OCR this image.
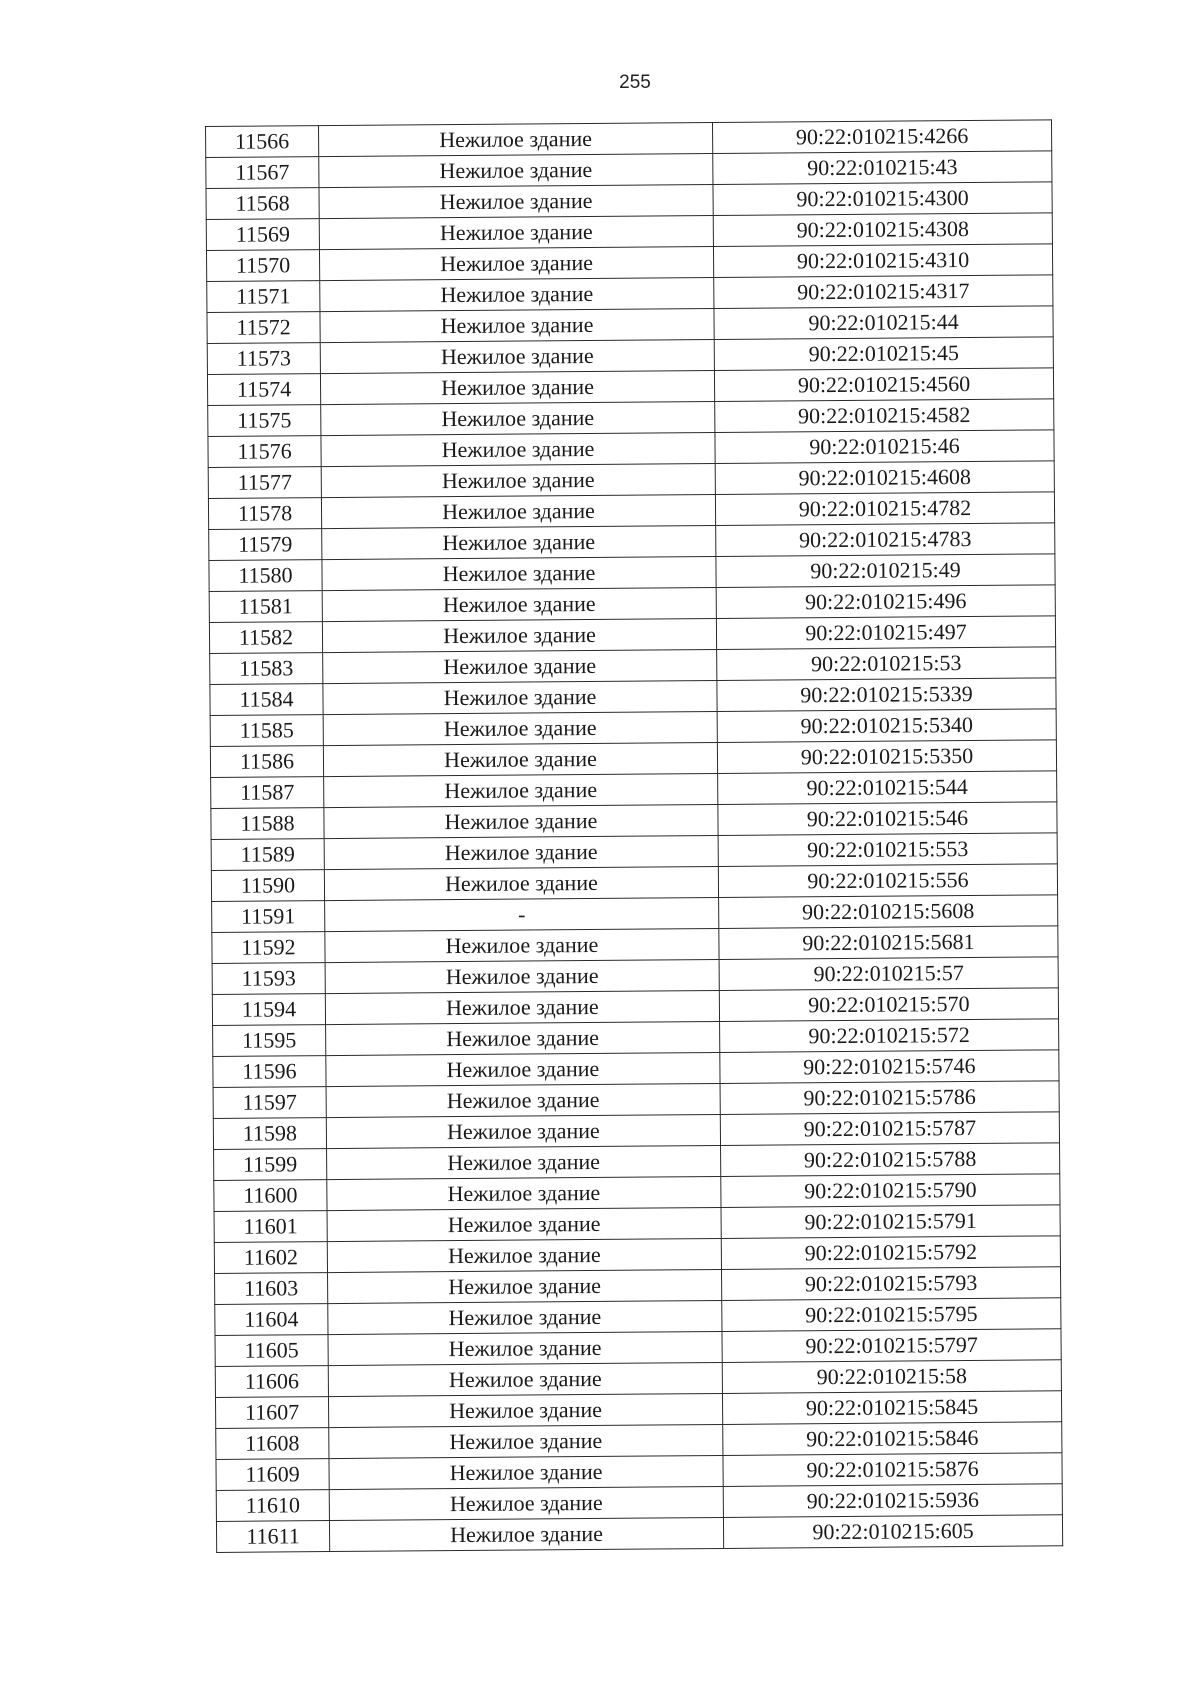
255
11566	Нежилое здание	90:22:010215:4266
11567	Нежилое здание	90:22:010215:43
11568	Нежилое здание	90:22:010215:4300
11569	Нежилое здание	90:22:010215:4308
11570	Нежилое здание	90:22:010215:4310
11571	Нежилое здание	90:22:010215:4317
11572	Нежилое здание	90:22:010215:44
11573	Нежилое здание	90:22:010215:45
11574	Нежилое здание	90:22:010215:4560
11575	Нежилое здание	90:22:010215:4582
11576	Нежилое здание	90:22:010215:46
11577	Нежилое здание	90:22:010215:4608
11578	Нежилое здание	90:22:010215:4782
11579	Нежилое здание	90:22:010215:4783
11580	Нежилое здание	90:22:010215:49
11581	Нежилое здание	90:22:010215:496
11582	Нежилое здание	90:22:010215:497
11583	Нежилое здание	90:22:010215:53
11584	Нежилое здание	90:22:010215:5339
11585	Нежилое здание	90:22:010215:5340
11586	Нежилое здание	90:22:010215:5350
11587	Нежилое здание	90:22:010215:544
11588	Нежилое здание	90:22:010215:546
11589	Нежилое здание	90:22:010215:553
11590	Нежилое здание	90:22:010215:556
11591	-	90:22:010215:5608
11592	Нежилое здание	90:22:010215:5681
11593	Нежилое здание	90:22:010215:57
11594	Нежилое здание	90:22:010215:570
11595	Нежилое здание	90:22:010215:572
11596	Нежилое здание	90:22:010215:5746
11597	Нежилое здание	90:22:010215:5786
11598	Нежилое здание	90:22:010215:5787
11599	Нежилое здание	90:22:010215:5788
11600	Нежилое здание	90:22:010215:5790
11601	Нежилое здание	90:22:010215:5791
11602	Нежилое здание	90:22:010215:5792
11603	Нежилое здание	90:22:010215:5793
11604	Нежилое здание	90:22:010215:5795
11605	Нежилое здание	90:22:010215:5797
11606	Нежилое здание	90:22:010215:58
11607	Нежилое здание	90:22:010215:5845
11608	Нежилое здание	90:22:010215:5846
11609	Нежилое здание	90:22:010215:5876
11610	Нежилое здание	90:22:010215:5936
11611	Нежилое здание	90:22:010215:605
